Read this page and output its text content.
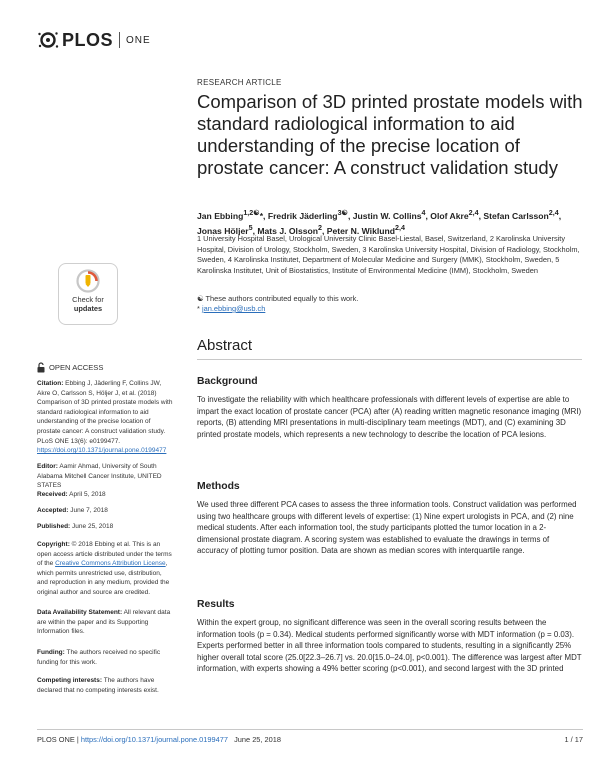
PLOS ONE
RESEARCH ARTICLE
Comparison of 3D printed prostate models with standard radiological information to aid understanding of the precise location of prostate cancer: A construct validation study
Jan Ebbing$^{1,2☯}$*, Fredrik Jäderling$^{3☯}$, Justin W. Collins$^4$, Olof Akre$^{2,4}$, Stefan Carlsson$^{2,4}$,
Jonas Höljer$^5$, Mats J. Olsson$^2$, Peter N. Wiklund$^{2,4}$
1 University Hospital Basel, Urological University Clinic Basel-Liestal, Basel, Switzerland, 2 Karolinska University Hospital, Division of Urology, Stockholm, Sweden, 3 Karolinska University Hospital, Division of Radiology, Stockholm, Sweden, 4 Karolinska Institutet, Department of Molecular Medicine and Surgery (MMK), Stockholm, Sweden, 5 Karolinska Institutet, Unit of Biostatistics, Institute of Environmental Medicine (IMM), Stockholm, Sweden
☯ These authors contributed equally to this work.
* jan.ebbing@usb.ch
Check for
updates
OPEN ACCESS
Citation: Ebbing J, Jäderling F, Collins JW, Akre O, Carlsson S, Höljer J, et al. (2018) Comparison of 3D printed prostate models with standard radiological information to aid understanding of the precise location of prostate cancer: A construct validation study. PLoS ONE 13(6): e0199477. https://doi.org/10.1371/journal.pone.0199477
Editor: Aamir Ahmad, University of South Alabama Mitchell Cancer Institute, UNITED STATES
Received: April 5, 2018
Accepted: June 7, 2018
Published: June 25, 2018
Copyright: © 2018 Ebbing et al. This is an open access article distributed under the terms of the Creative Commons Attribution License, which permits unrestricted use, distribution, and reproduction in any medium, provided the original author and source are credited.
Data Availability Statement: All relevant data are within the paper and its Supporting Information files.
Funding: The authors received no specific funding for this work.
Competing interests: The authors have declared that no competing interests exist.
Abstract
Background
To investigate the reliability with which healthcare professionals with different levels of expertise are able to impart the exact location of prostate cancer (PCA) after (A) reading written magnetic resonance imaging (MRI) reports, (B) attending MRI presentations in multi-disciplinary team meetings (MDT), and (C) examining 3D printed prostate models, which represents a new technology to describe the location of PCA lesions.
Methods
We used three different PCA cases to assess the three information tools. Construct validation was performed using two healthcare groups with different levels of expertise: (1) Nine expert urologists in PCA, and (2) nine medical students. After each information tool, the study participants plotted the tumor location in a 2-dimensional prostate diagram. A scoring system was established to evaluate the drawings in terms of accuracy of plotting tumor position. Data are shown as median scores with interquartile range.
Results
Within the expert group, no significant difference was seen in the overall scoring results between the information tools (p = 0.34). Medical students performed significantly worse with MDT information (p = 0.03). Experts performed better in all three information tools compared to students, resulting in a significantly 25% higher overall total score (25.0[22.3–26.7] vs. 20.0[15.0–24.0], p<0.001). The difference was largest after MDT information, with experts showing a 49% better scoring (p<0.001), and second largest with the 3D printed
PLOS ONE | https://doi.org/10.1371/journal.pone.0199477 June 25, 2018	1 / 17
